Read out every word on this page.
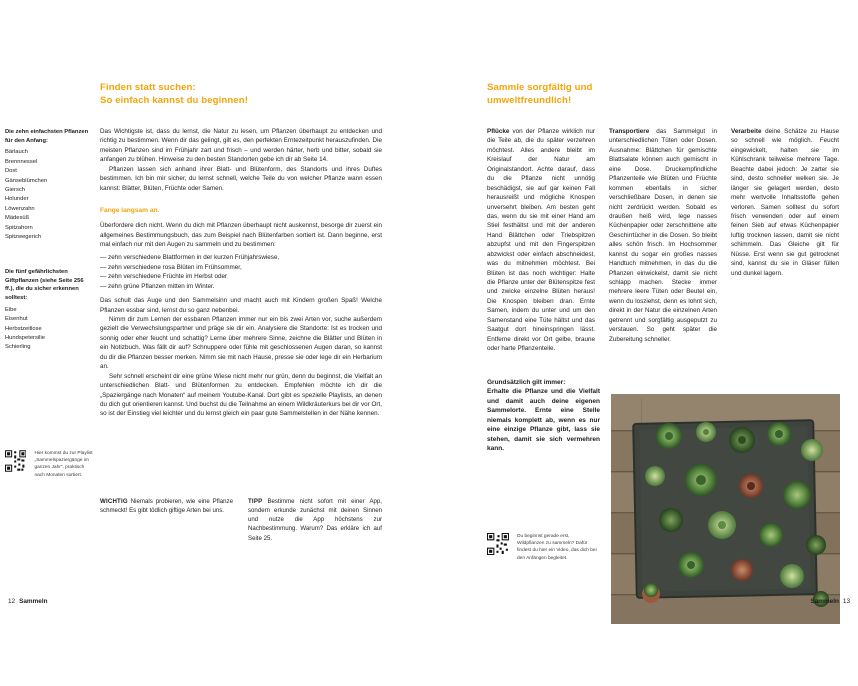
Die zehn einfachsten Pflanzen für den Anfang:
Bärlauch
Brennnessel
Dost
Gänseblümchen
Giersch
Holunder
Löwenzahn
Mädesüß
Spitzahorn
Spitzwegerich
Die fünf gefährlichsten Giftpflanzen (siehe Seite 256 ff.), die du sicher erkennen solltest:
Eibe
Eisenhut
Herbstzeitlose
Hundspetersilie
Schierling
Hier kommst du zur Playlist „Sammelspaziergänge im ganzen Jahr“, praktisch nach Monaten sortiert.
Finden statt suchen:
So einfach kannst du beginnen!

Das Wichtigste ist, dass du lernst, die Natur zu lesen, um Pflanzen überhaupt zu entdecken und richtig zu bestimmen. Wenn dir das gelingt, gilt es, den perfekten Erntezeitpunkt herauszufinden. Die meisten Pflanzen sind im Frühjahr zart und frisch – und werden härter, herb und bitter, sobald sie anfangen zu blühen. Hinweise zu den besten Standorten gebe ich dir ab Seite 14.

Pflanzen lassen sich anhand ihrer Blatt- und Blütenform, des Standorts und ihres Duftes bestimmen. Ich bin mir sicher, du lernst schnell, welche Teile du von welcher Pflanze wann essen kannst: Blätter, Blüten, Früchte oder Samen.

Fange langsam an.

Überfordere dich nicht. Wenn du dich mit Pflanzen überhaupt nicht auskennst, besorge dir zuerst ein allgemeines Bestimmungsbuch, das zum Beispiel nach Blütenfarben sortiert ist. Dann beginne, erst mal einfach nur mit den Augen zu sammeln und zu bestimmen:

— zehn verschiedene Blattformen in der kurzen Frühjahrswiese,

— zehn verschiedene rosa Blüten im Frühsommer,

— zehn verschiedene Früchte im Herbst oder

— zehn grüne Pflanzen mitten im Winter.

Das schult das Auge und den Sammelsinn und macht auch mit Kindern großen Spaß! Welche Pflanzen essbar sind, lernst du so ganz nebenbei.

Nimm dir zum Lernen der essbaren Pflanzen immer nur ein bis zwei Arten vor, suche außerdem gezielt die Verwechslungspartner und präge sie dir ein. Analysiere die Standorte: Ist es trocken und sonnig oder eher feucht und schattig? Lerne über mehrere Sinne, zeichne die Blätter und Blüten in ein Notizbuch. Was fällt dir auf? Schnuppere oder fühle mit geschlossenen Augen daran, so kannst du dir die Pflanzen besser merken. Nimm sie mit nach Hause, presse sie oder lege dir ein Herbarium an.

Sehr schnell erscheint dir eine grüne Wiese nicht mehr nur grün, denn du beginnst, die Vielfalt an unterschiedlichen Blatt- und Blütenformen zu entdecken. Empfehlen möchte ich dir die „Spaziergänge nach Monaten“ auf meinem Youtube-Kanal. Dort gibt es spezielle Playlists, an denen du dich gut orientieren kannst. Und buchst du die Teilnahme an einem Wildkräuterkurs bei dir vor Ort, so ist der Einstieg viel leichter und du lernst gleich ein paar gute Sammelstellen in der Nähe kennen.

WICHTIG Niemals probieren, wie eine Pflanze schmeckt! Es gibt tödlich giftige Arten bei uns.
TIPP Bestimme nicht sofort mit einer App, sondern erkunde zunächst mit deinen Sinnen und nutze die App höchstens zur Nachbestimmung. Warum? Das erkläre ich auf Seite 25.
12 Sammeln
Sammle sorgfältig und
umweltfreundlich!

Pflücke von der Pflanze wirklich nur die Teile ab, die du später verzehren möchtest. Alles andere bleibt im Kreislauf der Natur am Originalstandort. Achte darauf, dass du die Pflanze nicht unnötig beschädigst, sie auf gar keinen Fall herausreißt und mögliche Knospen unversehrt bleiben. Am besten geht das, wenn du sie mit einer Hand am Stiel festhältst und mit der anderen Hand Blättchen oder Triebspitzen abzupfst und mit den Fingerspitzen abzwickst oder einfach abschneidest, was du mitnehmen möchtest. Bei Blüten ist das noch wichtiger: Halte die Pflanze unter der Blütenspitze fest und zwicke einzelne Blüten heraus! Die Knospen bleiben dran. Ernte Samen, indem du unter und um den Samenstand eine Tüte hältst und das Saatgut dort hineinspringen lässt. Entferne direkt vor Ort gelbe, braune oder harte Pflanzenteile.

Transportiere das Sammelgut in unterschiedlichen Tüten oder Dosen. Ausnahme: Blättchen für gemischte Blattsalate können auch gemischt in eine Dose. Druckempfindliche Pflanzenteile wie Blüten und Früchte kommen ebenfalls in sicher verschließbare Dosen, in denen sie nicht zerdrückt werden. Sobald es draußen heiß wird, lege nasses Küchenpapier oder zerschnittene alte Geschirrtücher in die Dosen. So bleibt alles schön frisch. Im Hochsommer kannst du sogar ein großes nasses Handtuch mitnehmen, in das du die Pflanzen einwickelst, damit sie nicht schlapp machen. Stecke immer mehrere leere Tüten oder Beutel ein, wenn du losziehst, denn es lohnt sich, direkt in der Natur die einzelnen Arten getrennt und sorgfältig ausgeputzt zu verstauen. So geht später die Zubereitung schneller.

Verarbeite deine Schätze zu Hause so schnell wie möglich. Feucht eingewickelt, halten sie im Kühlschrank teilweise mehrere Tage. Beachte dabei jedoch: Je zarter sie sind, desto schneller welken sie. Je länger sie gelagert werden, desto mehr wertvolle Inhaltsstoffe gehen verloren. Samen solltest du sofort frisch verwenden oder auf einem feinen Sieb auf etwas Küchenpapier luftig trocknen lassen, damit sie nicht schimmeln. Das Gleiche gilt für Nüsse. Erst wenn sie gut getrocknet sind, kannst du sie in Gläser füllen und dunkel lagern.

Grundsätzlich gilt immer:
Erhalte die Pflanze und die Vielfalt und damit auch deine eigenen Sammelorte. Ernte eine Stelle niemals komplett ab, wenn es nur eine einzige Pflanze gibt, lass sie stehen, damit sie sich vermehren kann.
Du beginnst gerade erst, Wildpflanzen zu sammeln? Dafür findest du hier ein Video, das dich bei den Anfängen begleitet.
Sammeln 13
